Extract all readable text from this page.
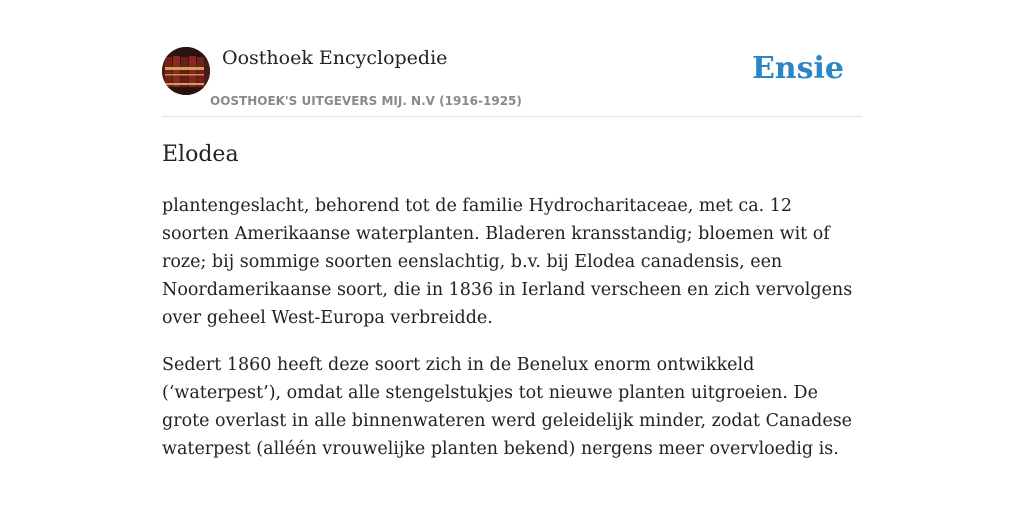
Oosthoek Encyclopedie
OOSTHOEK'S UITGEVERS MIJ. N.V (1916-1925)
Ensie
Elodea

plantengeslacht, behorend tot de familie Hydrocharitaceae, met ca. 12 soorten Amerikaanse waterplanten. Bladeren kransstandig; bloemen wit of roze; bij sommige soorten eenslachtig, b.v. bij Elodea canadensis, een Noordamerikaanse soort, die in 1836 in Ierland verscheen en zich vervolgens over geheel West-Europa verbreidde.

Sedert 1860 heeft deze soort zich in de Benelux enorm ontwikkeld (‘waterpest’), omdat alle stengelstukjes tot nieuwe planten uitgroeien. De grote overlast in alle binnenwateren werd geleidelijk minder, zodat Canadese waterpest (alléén vrouwelijke planten bekend) nergens meer overvloedig is.
